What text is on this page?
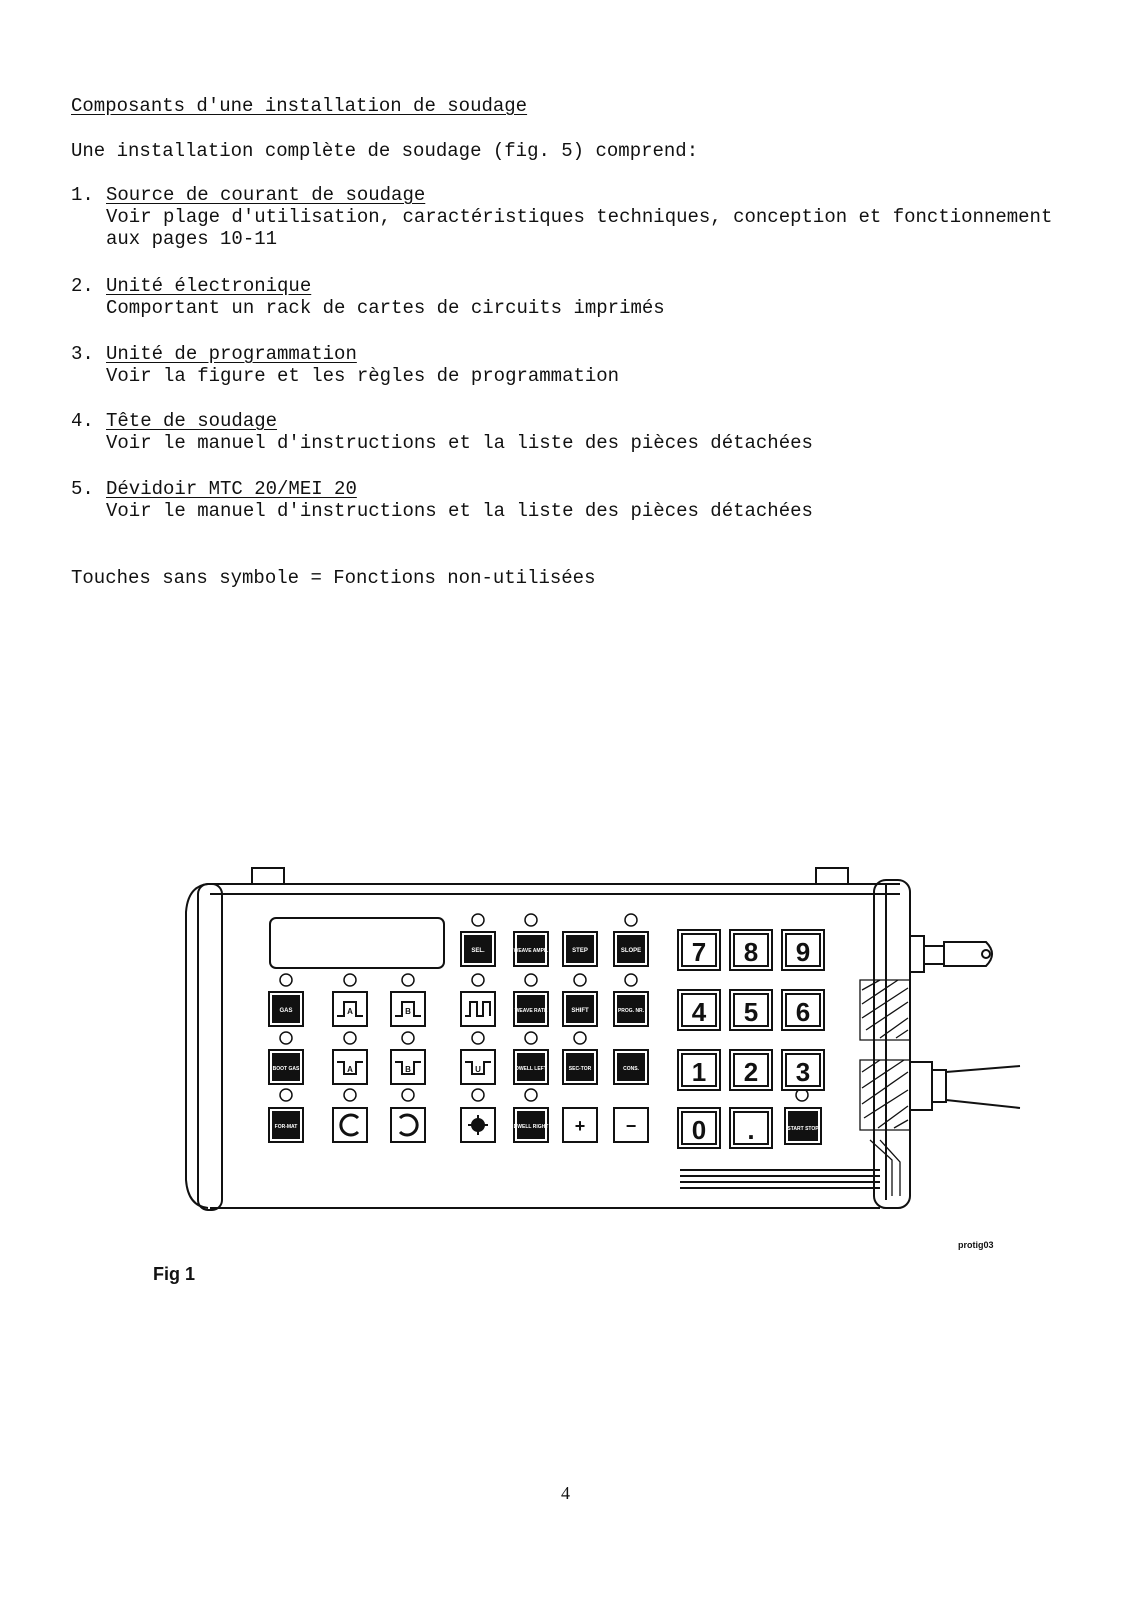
Composants d'une installation de soudage
Une installation complète de soudage (fig. 5) comprend:
1. Source de courant de soudage
Voir plage d'utilisation, caractéristiques techniques, conception et fonctionnement
aux pages 10-11
2. Unité électronique
Comportant un rack de cartes de circuits imprimés
3. Unité de programmation
Voir la figure et les règles de programmation
4. Tête de soudage
Voir le manuel d'instructions et la liste des pièces détachées
5. Dévidoir MTC 20/MEI 20
Voir le manuel d'instructions et la liste des pièces détachées
Touches sans symbole = Fonctions non-utilisées
SEL.	WEAVE AMPL.	STEP	SLOPE
GAS	A	B	WEAVE RATE	SHIFT	PROG. NR.
BOOT GAS	A	B	U	DWELL LEFT	SEC-TOR	CONS.
FOR-MAT	DWELL RIGHT + −
7 8 9
4 5 6
1 2 3
0 .	START STOP
protig03
Fig 1
4
